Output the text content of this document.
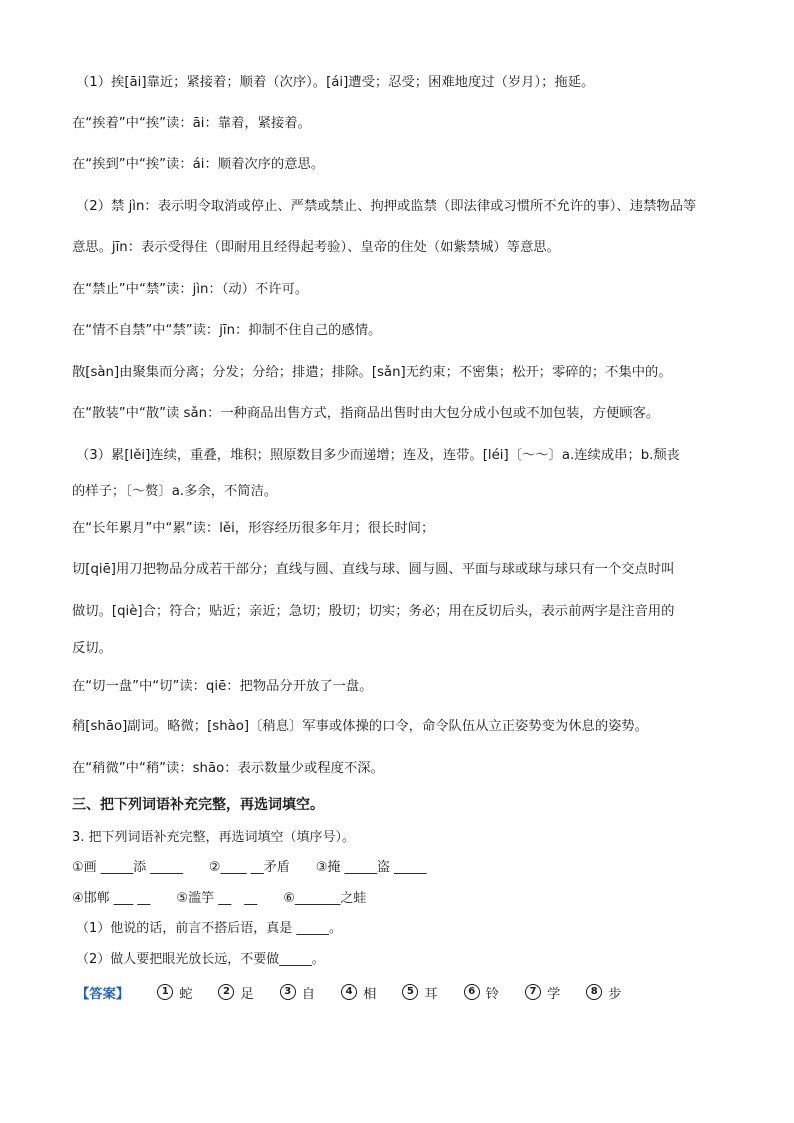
（1）挨[āi]靠近；紧接着；顺着（次序）。[ái]遭受；忍受；困难地度过（岁月）；拖延。
在“挨着”中“挨”读：āi：靠着，紧接着。
在“挨到”中“挨”读：ái：顺着次序的意思。
（2）禁 jìn：表示明令取消或停止、严禁或禁止、拘押或监禁（即法律或习惯所不允许的事）、违禁物品等
意思。jīn：表示受得住（即耐用且经得起考验）、皇帝的住处（如紫禁城）等意思。
在“禁止”中“禁”读：jìn：（动）不许可。
在“情不自禁”中“禁”读：jīn：抑制不住自己的感情。
散[sàn]由聚集而分离；分发；分给；排遣；排除。[sǎn]无约束；不密集；松开；零碎的；不集中的。
在“散装”中“散”读 sǎn：一种商品出售方式，指商品出售时由大包分成小包或不加包装，方便顾客。
（3）累[lěi]连续，重叠，堆积；照原数目多少而递增；连及，连带。[léi]〔～～〕a.连续成串；b.颓丧
的样子；〔～赘〕a.多余，不简洁。
在“长年累月”中“累”读：lěi，形容经历很多年月；很长时间；
切[qiē]用刀把物品分成若干部分；直线与圆、直线与球、圆与圆、平面与球或球与球只有一个交点时叫
做切。[qiè]合；符合；贴近；亲近；急切；殷切；切实；务必；用在反切后头，表示前两字是注音用的
反切。
在“切一盘”中“切”读：qiē：把物品分开放了一盘。
稍[shāo]副词。略微；[shào]〔稍息〕军事或体操的口令，命令队伍从立正姿势变为休息的姿势。
在“稍微”中“稍”读：shāo：表示数量少或程度不深。
三、把下列词语补充完整，再选词填空。
3. 把下列词语补充完整，再选词填空（填序号）。
①画 _____添 _____　　②____ __矛盾　　③掩 _____盗 _____
④邯郸 ___ __　　⑤滥竽 __　__　　⑥_______之蛙
（1）他说的话，前言不搭后语，真是 _____。
（2）做人要把眼光放长远，不要做_____。
【答案】	1 蛇	2 足	3 自	4 相	5 耳	6 铃	7 学	8 步
